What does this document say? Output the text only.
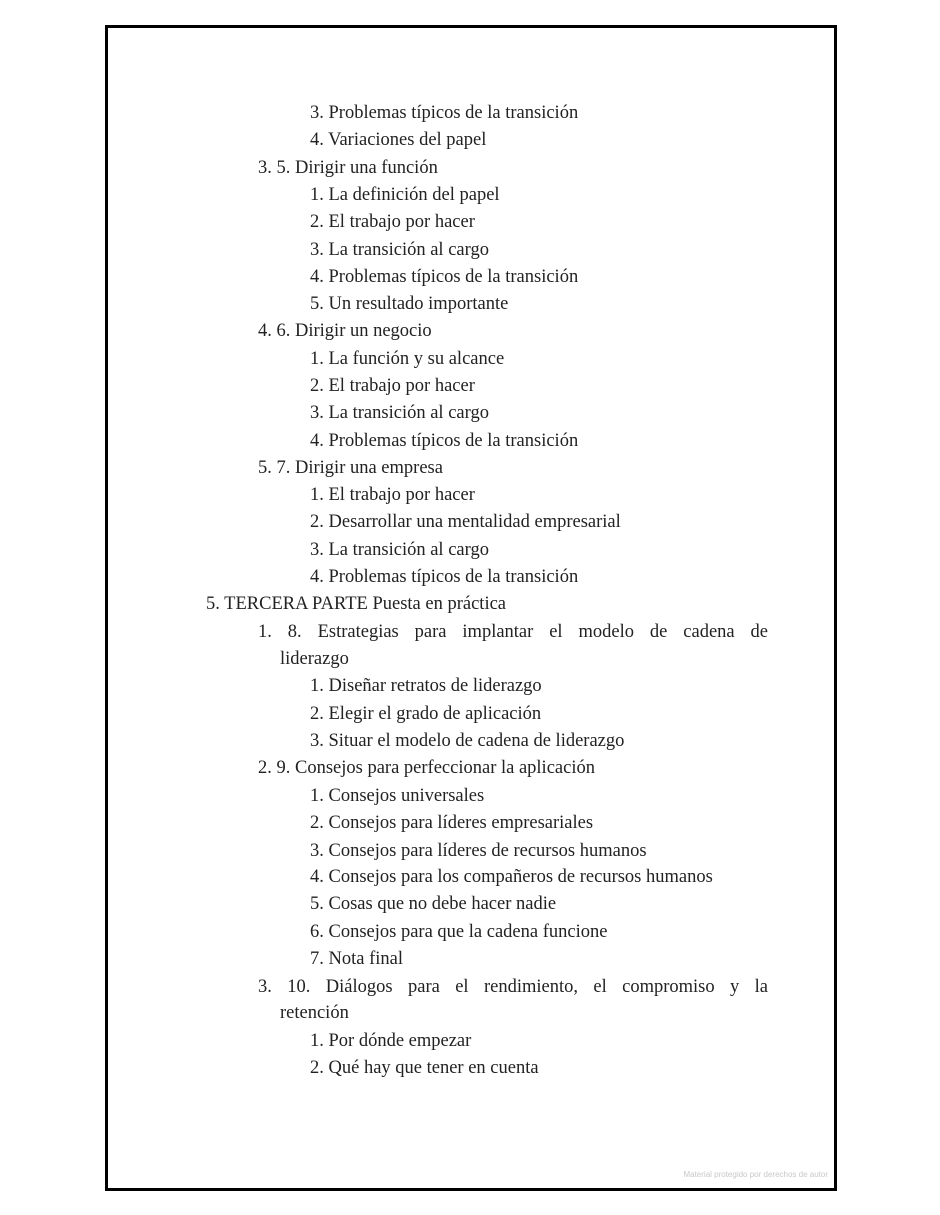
3. Problemas típicos de la transición
4. Variaciones del papel
3. 5. Dirigir una función
1. La definición del papel
2. El trabajo por hacer
3. La transición al cargo
4. Problemas típicos de la transición
5. Un resultado importante
4. 6. Dirigir un negocio
1. La función y su alcance
2. El trabajo por hacer
3. La transición al cargo
4. Problemas típicos de la transición
5. 7. Dirigir una empresa
1. El trabajo por hacer
2. Desarrollar una mentalidad empresarial
3. La transición al cargo
4. Problemas típicos de la transición
5. TERCERA PARTE Puesta en práctica
1. 8. Estrategias para implantar el modelo de cadena de
liderazgo
1. Diseñar retratos de liderazgo
2. Elegir el grado de aplicación
3. Situar el modelo de cadena de liderazgo
2. 9. Consejos para perfeccionar la aplicación
1. Consejos universales
2. Consejos para líderes empresariales
3. Consejos para líderes de recursos humanos
4. Consejos para los compañeros de recursos humanos
5. Cosas que no debe hacer nadie
6. Consejos para que la cadena funcione
7. Nota final
3. 10. Diálogos para el rendimiento, el compromiso y la
retención
1. Por dónde empezar
2. Qué hay que tener en cuenta
Material protegido por derechos de autor
